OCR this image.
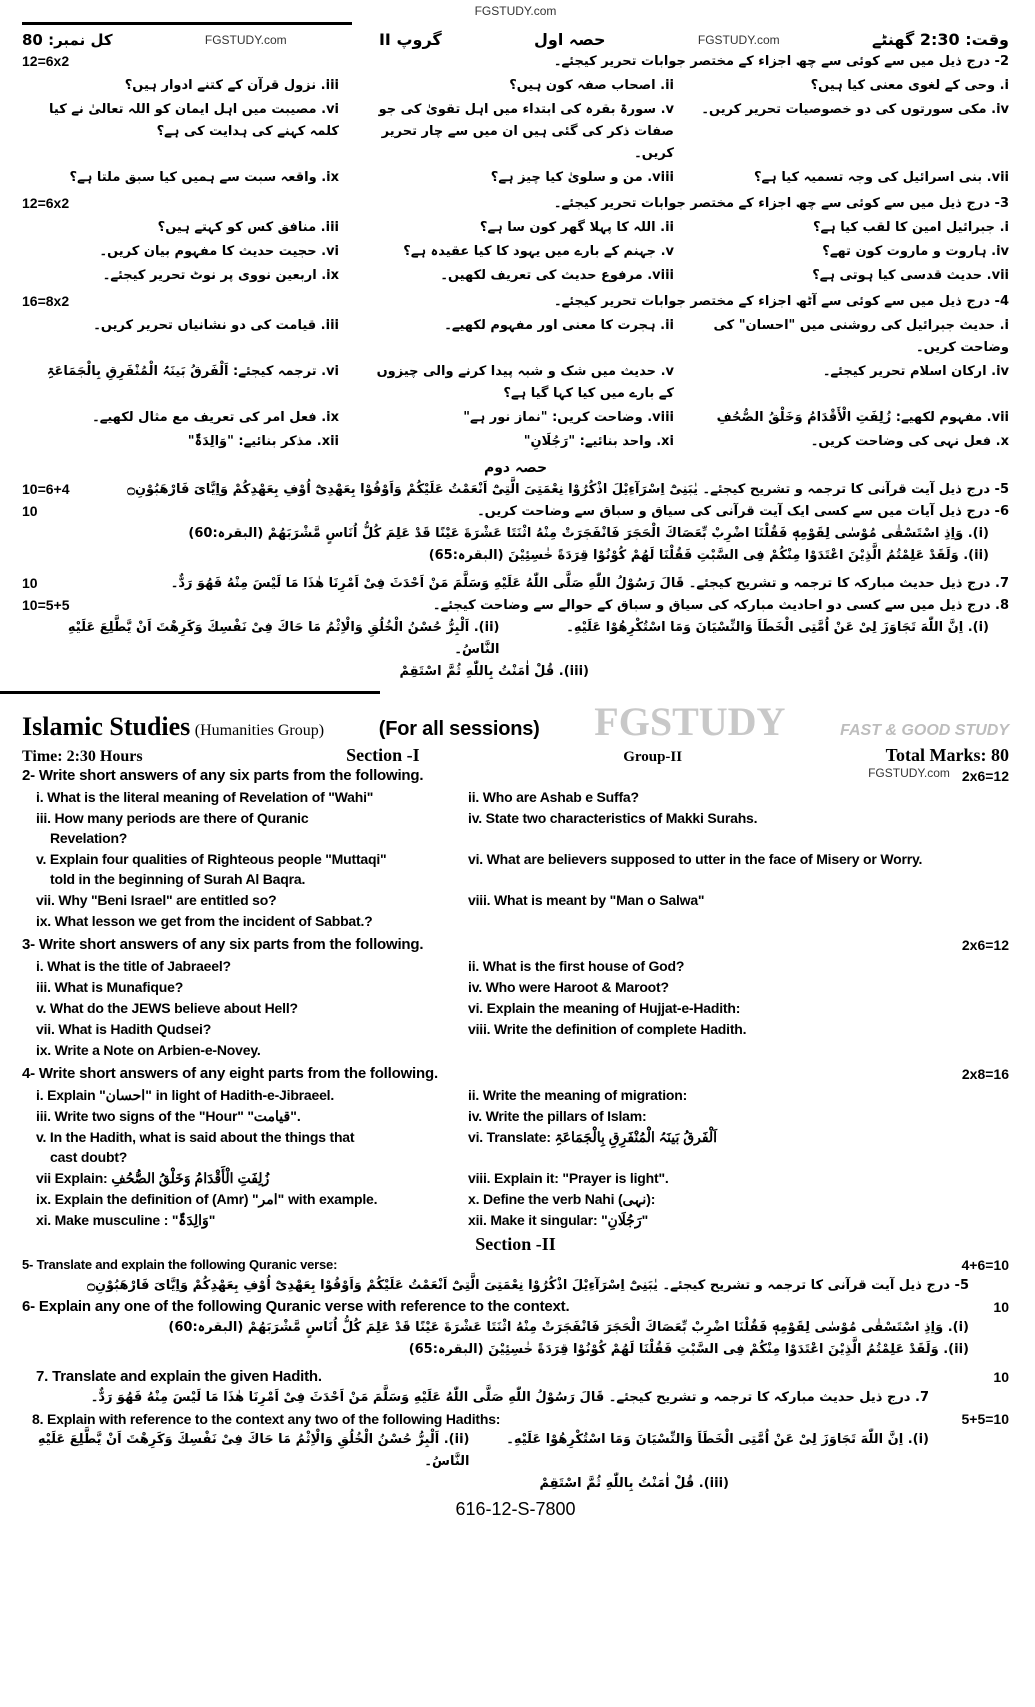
FGSTUDY.com
کل نمبر: 80	FGSTUDY.com	گروپ II	حصہ اول	FGSTUDY.com	وقت: 2:30 گھنٹے
12=6x2	2- درج ذیل میں سے کوئی سے چھ اجزاء کے مختصر جوابات تحریر کیجئے۔
i. وحی کے لغوی معنی کیا ہیں؟
ii. اصحاب صفہ کون ہیں؟
iii. نزول قرآن کے کتنے ادوار ہیں؟
iv. مکی سورتوں کی دو خصوصیات تحریر کریں۔
v. سورۃ بقرہ کی ابتداء میں اہل تقویٰ کی جو صفات ذکر کی گئی ہیں ان میں سے چار تحریر کریں۔
vi. مصیبت میں اہل ایمان کو اللہ تعالیٰ نے کیا کلمہ کہنے کی ہدایت کی ہے؟
vii. بنی اسرائیل کی وجہ تسمیہ کیا ہے؟
viii. من و سلویٰ کیا چیز ہے؟
ix. واقعہ سبت سے ہمیں کیا سبق ملتا ہے؟
12=6x2	3- درج ذیل میں سے کوئی سے چھ اجزاء کے مختصر جوابات تحریر کیجئے۔
i. جبرائیل امین کا لقب کیا ہے؟
ii. اللہ کا پہلا گھر کون سا ہے؟
iii. منافق کس کو کہتے ہیں؟
iv. ہاروت و ماروت کون تھے؟
v. جہنم کے بارے میں یہود کا کیا عقیدہ ہے؟
vi. حجیت حدیث کا مفہوم بیان کریں۔
vii. حدیث قدسی کیا ہوتی ہے؟
viii. مرفوع حدیث کی تعریف لکھیں۔
ix. اربعین نووی پر نوٹ تحریر کیجئے۔
16=8x2	4- درج ذیل میں سے کوئی سے آٹھ اجزاء کے مختصر جوابات تحریر کیجئے۔
i. حدیث جبرائیل کی روشنی میں "احسان" کی وضاحت کریں۔
ii. ہجرت کا معنی اور مفہوم لکھیے۔
iii. قیامت کی دو نشانیاں تحریر کریں۔
iv. ارکان اسلام تحریر کیجئے۔
v. حدیث میں شک و شبہ پیدا کرنے والی چیزوں کے بارے میں کیا کہا گیا ہے؟
vi. ترجمہ کیجئے: اَلْفَرقُ بَینَہُ الْمُنْفَرِقِ بِالْجَمَاعَۃِ
vii. مفہوم لکھیے: زُلِفَتِ الْأَقْدَامُ وَخَلْقُ الصُّحُفِ
viii. وضاحت کریں: "نماز نور ہے"
ix. فعل امر کی تعریف مع مثال لکھیے۔
x. فعل نہی کی وضاحت کریں۔
xi. واحد بنائیے: "رَجُلَانِ"
xii. مذکر بنائیے: "وَالِدَۃٌ"
حصہ دوم
10=6+4	5- درج ذیل آیت قرآنی کا ترجمہ و تشریح کیجئے۔ یٰبَنِیْٓ اِسْرَآءِیْلَ اذْكُرُوْا نِعْمَتِیَ الَّتِیْٓ اَنْعَمْتُ عَلَیْكُمْ وَاَوْفُوْا بِعَهْدِیْٓ اُوْفِ بِعَهْدِكُمْ وَاِیَّایَ فَارْهَبُوْنِ۝
10	6- درج ذیل آیات میں سے کسی ایک آیت قرآنی کی سیاق و سباق سے وضاحت کریں۔
(i). وَاِذِ اسْتَسْقٰى مُوْسٰى لِقَوْمِهٖ فَقُلْنَا اضْرِبْ بِّعَصَاكَ الْحَجَرَ فَانْفَجَرَتْ مِنْهُ اثْنَتَا عَشْرَةَ عَیْنًا قَدْ عَلِمَ كُلُّ اُنَاسٍ مَّشْرَبَهُمْ (البقرہ:60)
(ii). وَلَقَدْ عَلِمْتُمُ الَّذِیْنَ اعْتَدَوْا مِنْكُمْ فِی السَّبْتِ فَقُلْنَا لَهُمْ كُوْنُوْا قِرَدَةً خٰسِئِیْنَ (البقرہ:65)
10	7. درج ذیل حدیث مبارکہ کا ترجمہ و تشریح کیجئے۔ قَالَ رَسُوْلُ اللّٰهِ صَلَّى اللّٰهُ عَلَیْهِ وَسَلَّمَ مَنْ اَحْدَثَ فِیْ اَمْرِنَا هٰذَا مَا لَیْسَ مِنْهُ فَهُوَ رَدٌّ۔
10=5+5	8. درج ذیل میں سے کسی دو احادیث مبارکہ کی سیاق و سباق کے حوالے سے وضاحت کیجئے۔
(i). اِنَّ اللّٰهَ تَجَاوَزَ لِیْ عَنْ اُمَّتِی الْخَطَاَ وَالنِّسْیَانَ وَمَا اسْتُكْرِهُوْا عَلَیْهِ۔
(ii). اَلْبِرُّ حُسْنُ الْخُلُقِ وَالْاِثْمُ مَا حَاكَ فِیْ نَفْسِكَ وَكَرِهْتَ اَنْ یَّطَّلِعَ عَلَیْهِ النَّاسُ۔
(iii). قُلْ اٰمَنْتُ بِاللّٰهِ ثُمَّ اسْتَقِمْ
Islamic Studies (Humanities Group)	(For all sessions) FGSTUDY	FAST & GOOD STUDY
Time: 2:30 Hours	Section -I	Group-II	Total Marks: 80
2- Write short answers of any six parts from the following.	FGSTUDY.com 2x6=12
i. What is the literal meaning of Revelation of "Wahi"	ii. Who are Ashab e Suffa?
iii. How many periods are there of Quranic
Revelation?
iv. State two characteristics of Makki Surahs.
v. Explain four qualities of Righteous people "Muttaqi"
told in the beginning of Surah Al Baqra.
vi. What are believers supposed to utter in the face of Misery or Worry.
vii. Why "Beni Israel" are entitled so?	viii. What is meant by "Man o Salwa"
ix. What lesson we get from the incident of Sabbat.?
3- Write short answers of any six parts from the following.	2x6=12
i. What is the title of Jabraeel?	ii. What is the first house of God?
iii. What is Munafique?	iv. Who were Haroot & Maroot?
v. What do the JEWS believe about Hell?	vi. Explain the meaning of Hujjat-e-Hadith:
vii. What is Hadith Qudsei?	viii. Write the definition of complete Hadith.
ix. Write a Note on Arbien-e-Novey.
4- Write short answers of any eight parts from the following.	2x8=16
i. Explain "احسان" in light of Hadith-e-Jibraeel.	ii. Write the meaning of migration:
iii. Write two signs of the "Hour" "قیامت".	iv. Write the pillars of Islam:
v. In the Hadith, what is said about the things that
cast doubt?
vi. Translate: اَلْفَرقُ بَینَہُ الْمُنْفَرِقِ بِالْجَمَاعَۃِ
vii Explain: زُلِفَتِ الْأَقْدَامُ وَخَلْقُ الصُّحُفِ	viii. Explain it: "Prayer is light".
ix. Explain the definition of (Amr) "امر" with example.	x. Define the verb Nahi (نہی):
xi. Make musculine : "وَالِدَۃٌ"	xii. Make it singular: "رَجُلَانِ"
Section -II
5- Translate and explain the following Quranic verse:	4+6=10
5- درج ذیل آیت قرآنی کا ترجمہ و تشریح کیجئے۔ یٰبَنِیْٓ اِسْرَآءِیْلَ اذْكُرُوْا نِعْمَتِیَ الَّتِیْٓ اَنْعَمْتُ عَلَیْكُمْ وَاَوْفُوْا بِعَهْدِیْٓ اُوْفِ بِعَهْدِكُمْ وَاِیَّایَ فَارْهَبُوْنِ۝
6- Explain any one of the following Quranic verse with reference to the context.	10
(i). وَاِذِ اسْتَسْقٰى مُوْسٰى لِقَوْمِهٖ فَقُلْنَا اضْرِبْ بِّعَصَاكَ الْحَجَرَ فَانْفَجَرَتْ مِنْهُ اثْنَتَا عَشْرَةَ عَیْنًا قَدْ عَلِمَ كُلُّ اُنَاسٍ مَّشْرَبَهُمْ (البقرہ:60)
(ii). وَلَقَدْ عَلِمْتُمُ الَّذِیْنَ اعْتَدَوْا مِنْكُمْ فِی السَّبْتِ فَقُلْنَا لَهُمْ كُوْنُوْا قِرَدَةً خٰسِئِیْنَ (البقرہ:65)
7. Translate and explain the given Hadith.	10
7. درج ذیل حدیث مبارکہ کا ترجمہ و تشریح کیجئے۔ قَالَ رَسُوْلُ اللّٰهِ صَلَّى اللّٰهُ عَلَیْهِ وَسَلَّمَ مَنْ اَحْدَثَ فِیْ اَمْرِنَا هٰذَا مَا لَیْسَ مِنْهُ فَهُوَ رَدٌّ۔
8. Explain with reference to the context any two of the following Hadiths:	5+5=10
(i). اِنَّ اللّٰهَ تَجَاوَزَ لِیْ عَنْ اُمَّتِی الْخَطَاَ وَالنِّسْیَانَ وَمَا اسْتُكْرِهُوْا عَلَیْهِ۔
(ii). اَلْبِرُّ حُسْنُ الْخُلُقِ وَالْاِثْمُ مَا حَاكَ فِیْ نَفْسِكَ وَكَرِهْتَ اَنْ یَّطَّلِعَ عَلَیْهِ النَّاسُ۔
(iii). قُلْ اٰمَنْتُ بِاللّٰهِ ثُمَّ اسْتَقِمْ
616-12-S-7800
